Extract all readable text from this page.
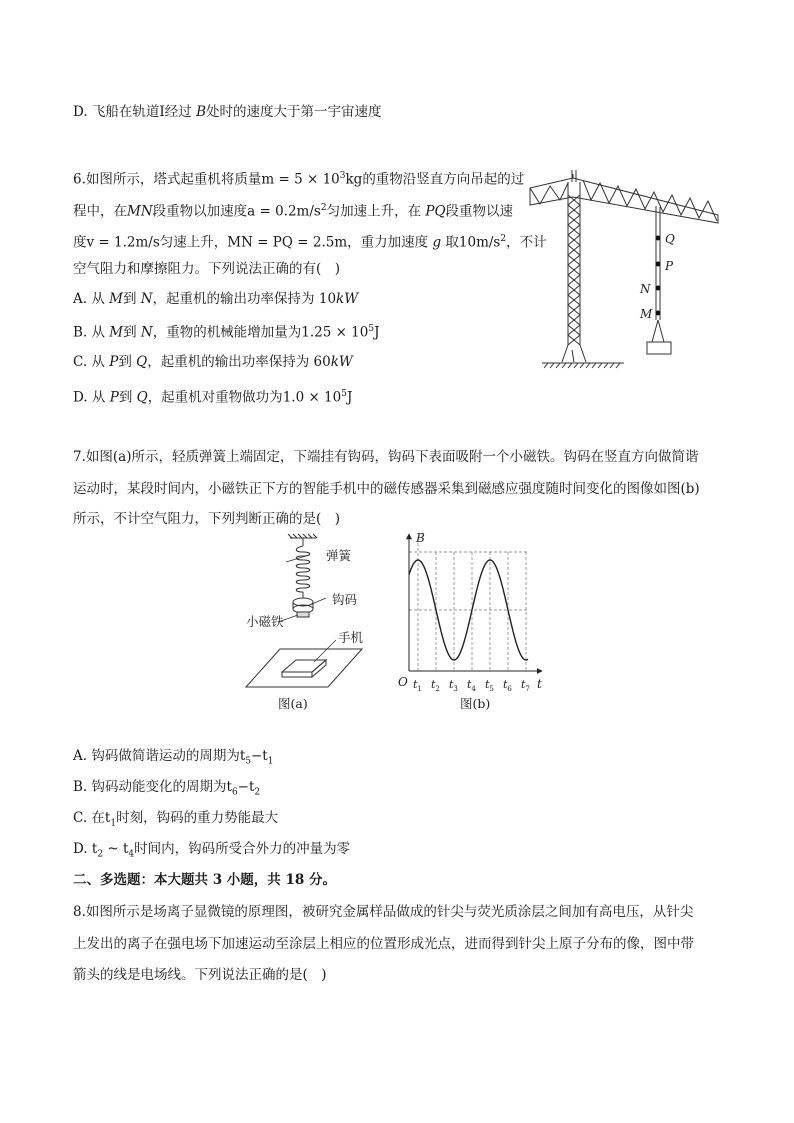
D. 飞船在轨道Ⅰ经过 B处时的速度大于第一宇宙速度
6.如图所示，塔式起重机将质量$m = 5 \times 10^3kg$的重物沿竖直方向吊起的过
程中，在MN段重物以加速度$a = 0.2m/s^2$匀加速上升，在 PQ段重物以速
度v = 1.2m/s匀速上升，MN = PQ = 2.5m，重力加速度 g 取$10m/s^2$，不计
空气阻力和摩擦阻力。下列说法正确的有(　)
A. 从 M到 N，起重机的输出功率保持为 10kW
B. 从 M到 N，重物的机械能增加量为$1.25 \times 10^5J$
C. 从 P到 Q，起重机的输出功率保持为 60kW
D. 从 P到 Q，起重机对重物做功为$1.0 \times 10^5J$
Q
P
N
M
7.如图(a)所示，轻质弹簧上端固定，下端挂有钩码，钩码下表面吸附一个小磁铁。钩码在竖直方向做简谐
运动时，某段时间内，小磁铁正下方的智能手机中的磁传感器采集到磁感应强度随时间变化的图像如图(b)
所示，不计空气阻力，下列判断正确的是(　)
弹簧
钩码
小磁铁
手机
图(a)
B
t
O $t_1$ $t_2$ $t_3$ $t_4$ $t_5$ $t_6$ $t_7$
图(b)
A. 钩码做简谐运动的周期为$t_5-t_1$
B. 钩码动能变化的周期为$t_6-t_2$
C. 在$t_1$时刻，钩码的重力势能最大
D. $t_2$ ~ $t_4$时间内，钩码所受合外力的冲量为零
二、多选题：本大题共 3 小题，共 18 分。
8.如图所示是场离子显微镜的原理图，被研究金属样品做成的针尖与荧光质涂层之间加有高电压，从针尖
上发出的离子在强电场下加速运动至涂层上相应的位置形成光点，进而得到针尖上原子分布的像，图中带
箭头的线是电场线。下列说法正确的是(　)
